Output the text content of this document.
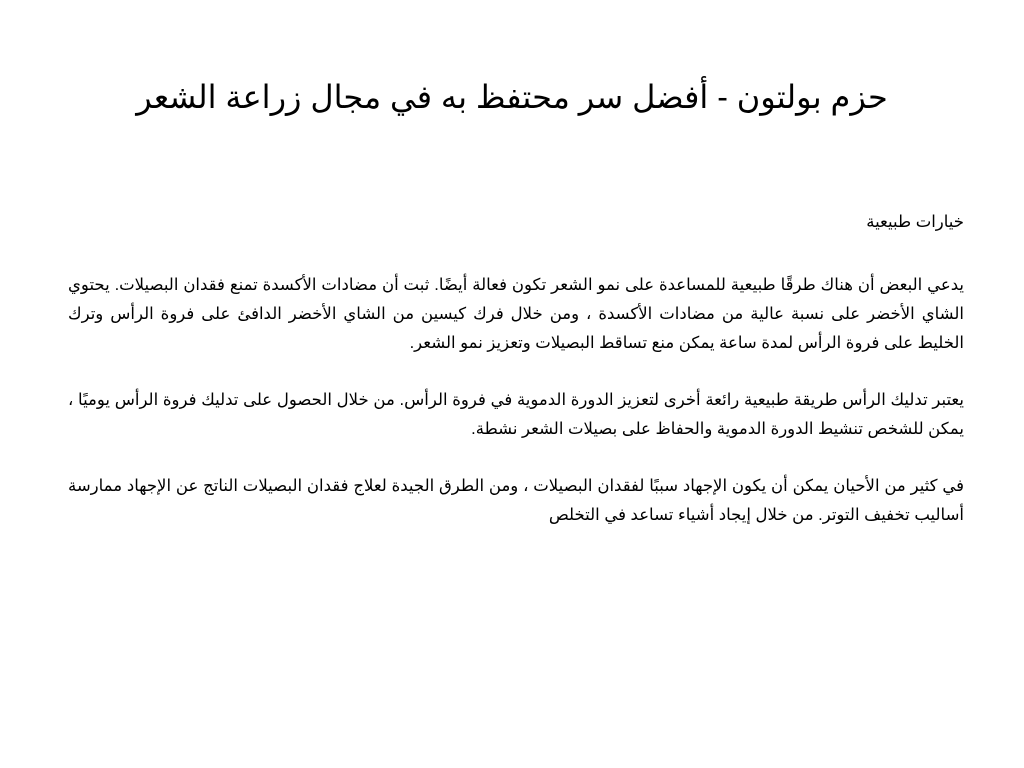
حزم بولتون - أفضل سر محتفظ به في مجال زراعة الشعر

خيارات طبيعية

يدعي البعض أن هناك طرقًا طبيعية للمساعدة على نمو الشعر تكون فعالة أيضًا. ثبت أن مضادات الأكسدة تمنع فقدان البصيلات. يحتوي الشاي الأخضر على نسبة عالية من مضادات الأكسدة ، ومن خلال فرك كيسين من الشاي الأخضر الدافئ على فروة الرأس وترك الخليط على فروة الرأس لمدة ساعة يمكن منع تساقط البصيلات وتعزيز نمو الشعر.

يعتبر تدليك الرأس طريقة طبيعية رائعة أخرى لتعزيز الدورة الدموية في فروة الرأس. من خلال الحصول على تدليك فروة الرأس يوميًا ، يمكن للشخص تنشيط الدورة الدموية والحفاظ على بصيلات الشعر نشطة.

في كثير من الأحيان يمكن أن يكون الإجهاد سببًا لفقدان البصيلات ، ومن الطرق الجيدة لعلاج فقدان البصيلات الناتج عن الإجهاد ممارسة أساليب تخفيف التوتر. من خلال إيجاد أشياء تساعد في التخلص
